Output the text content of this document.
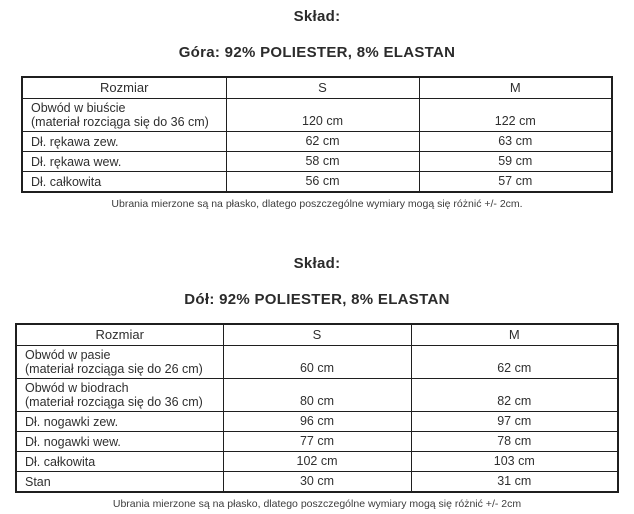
Skład:
Góra: 92% POLIESTER, 8% ELASTAN
Rozmiar	S	M

Obwód w biuście
(materiał rozciąga się do 36 cm)	120 cm	122 cm

Dł. rękawa zew.	62 cm	63 cm

Dł. rękawa wew.	58 cm	59 cm

Dł. całkowita	56 cm	57 cm

Ubrania mierzone są na płasko, dlatego poszczególne wymiary mogą się różnić +/- 2cm.

Skład:
Dół: 92% POLIESTER, 8% ELASTAN
Rozmiar	S	M

Obwód w pasie
(materiał rozciąga się do 26 cm)	60 cm	62 cm

Obwód w biodrach
(materiał rozciąga się do 36 cm)	80 cm	82 cm

Dł. nogawki zew.	96 cm	97 cm

Dł. nogawki wew.	77 cm	78 cm

Dł. całkowita	102 cm	103 cm

Stan	30 cm	31 cm

Ubrania mierzone są na płasko, dlatego poszczególne wymiary mogą się różnić +/- 2cm
